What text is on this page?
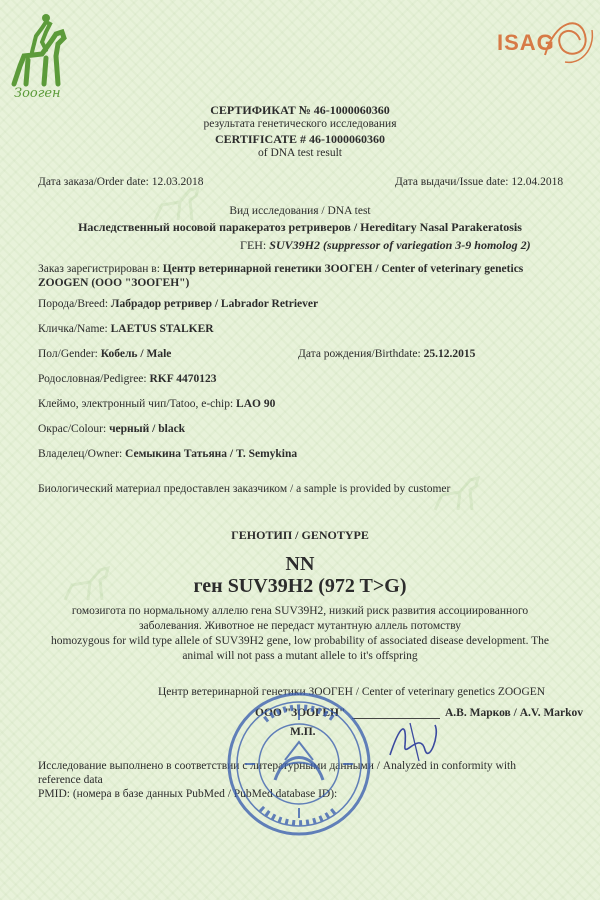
Зооген
ISAG
СЕРТИФИКАТ № 46-1000060360
результата генетического исследования
CERTIFICATE # 46-1000060360
of DNA test result
Дата заказа/Order date: 12.03.2018	Дата выдачи/Issue date: 12.04.2018
Вид исследования / DNA test
Наследственный носовой паракератоз ретриверов / Hereditary Nasal Parakeratosis
ГЕН: SUV39H2 (suppressor of variegation 3-9 homolog 2)
Заказ зарегистрирован в: Центр ветеринарной генетики ЗООГЕН / Center of veterinary genetics
ZOOGEN (ООО "ЗООГЕН")
Порода/Breed: Лабрадор ретривер / Labrador Retriever
Кличка/Name: LAETUS STALKER
Пол/Gender: Кобель / Male	Дата рождения/Birthdate: 25.12.2015
Родословная/Pedigree: RKF 4470123
Клеймо, электронный чип/Tatoo, e-chip: LAO 90
Окрас/Colour: черный / black
Владелец/Owner: Семыкина Татьяна / T. Semykina
Биологический материал предоставлен заказчиком / a sample is provided by customer
ГЕНОТИП / GENOTYPE
NN
ген SUV39H2 (972 T>G)
гомозигота по нормальному аллелю гена SUV39H2, низкий риск развития ассоциированного
заболевания. Животное не передаст мутантную аллель потомству
homozygous for wild type allele of SUV39H2 gene, low probability of associated disease development. The
animal will not pass a mutant allele to it's offspring
Центр ветеринарной генетики ЗООГЕН / Center of veterinary genetics ZOOGEN
ООО "ЗООГЕН"	А.В. Марков / A.V. Markov
М.П.
Исследование выполнено в соответствии с литературными данными / Analyzed in conformity with
reference data
PMID: (номера в базе данных PubMed / PubMed database ID):
